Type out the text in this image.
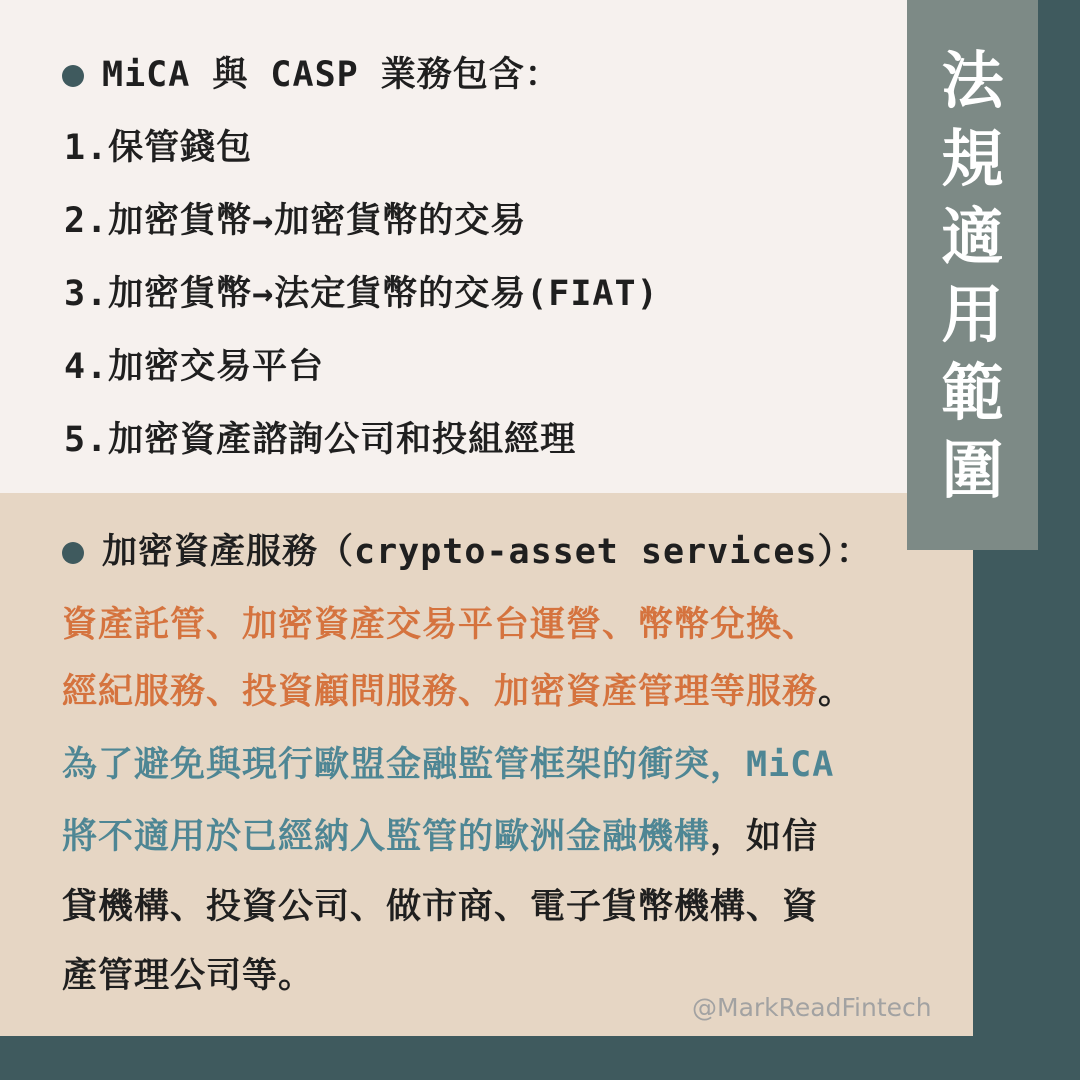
法
規
適
用
範
圍
MiCA 與 CASP 業務包含：
1.保管錢包
2.加密貨幣→加密貨幣的交易
3.加密貨幣→法定貨幣的交易(FIAT)
4.加密交易平台
5.加密資產諮詢公司和投組經理
加密資產服務（crypto-asset services）：
資產託管、加密資產交易平台運營、幣幣兌換、
經紀服務、投資顧問服務、加密資產管理等服務。
為了避免與現行歐盟金融監管框架的衝突，MiCA
將不適用於已經納入監管的歐洲金融機構，如信
貸機構、投資公司、做市商、電子貨幣機構、資
產管理公司等。
@MarkReadFintech
